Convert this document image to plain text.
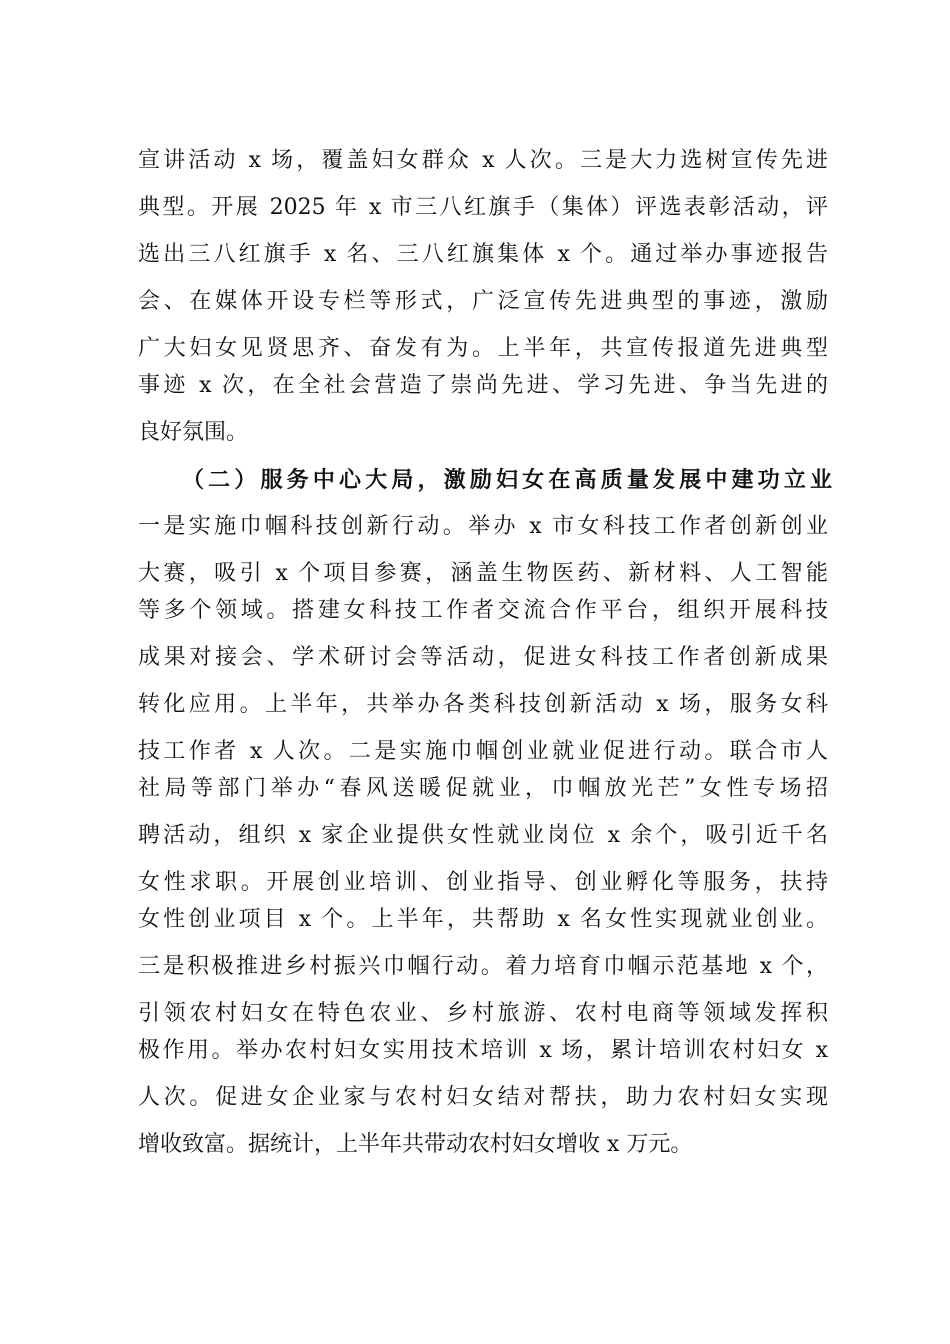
宣讲活动 x 场，覆盖妇女群众 x 人次。三是大力选树宣传先进
典型。开展 2025 年 x 市三八红旗手（集体）评选表彰活动，评
选出三八红旗手 x 名、三八红旗集体 x 个。通过举办事迹报告
会、在媒体开设专栏等形式，广泛宣传先进典型的事迹，激励
广大妇女见贤思齐、奋发有为。上半年，共宣传报道先进典型
事迹 x 次，在全社会营造了崇尚先进、学习先进、争当先进的
良好氛围。
（二）服务中心大局，激励妇女在高质量发展中建功立业
一是实施巾帼科技创新行动。举办 x 市女科技工作者创新创业
大赛，吸引 x 个项目参赛，涵盖生物医药、新材料、人工智能
等多个领域。搭建女科技工作者交流合作平台，组织开展科技
成果对接会、学术研讨会等活动，促进女科技工作者创新成果
转化应用。上半年，共举办各类科技创新活动 x 场，服务女科
技工作者 x 人次。二是实施巾帼创业就业促进行动。联合市人
社局等部门举办“春风送暖促就业，巾帼放光芒”女性专场招
聘活动，组织 x 家企业提供女性就业岗位 x 余个，吸引近千名
女性求职。开展创业培训、创业指导、创业孵化等服务，扶持
女性创业项目 x 个。上半年，共帮助 x 名女性实现就业创业。
三是积极推进乡村振兴巾帼行动。着力培育巾帼示范基地 x 个，
引领农村妇女在特色农业、乡村旅游、农村电商等领域发挥积
极作用。举办农村妇女实用技术培训 x 场，累计培训农村妇女 x
人次。促进女企业家与农村妇女结对帮扶，助力农村妇女实现
增收致富。据统计，上半年共带动农村妇女增收 x 万元。
